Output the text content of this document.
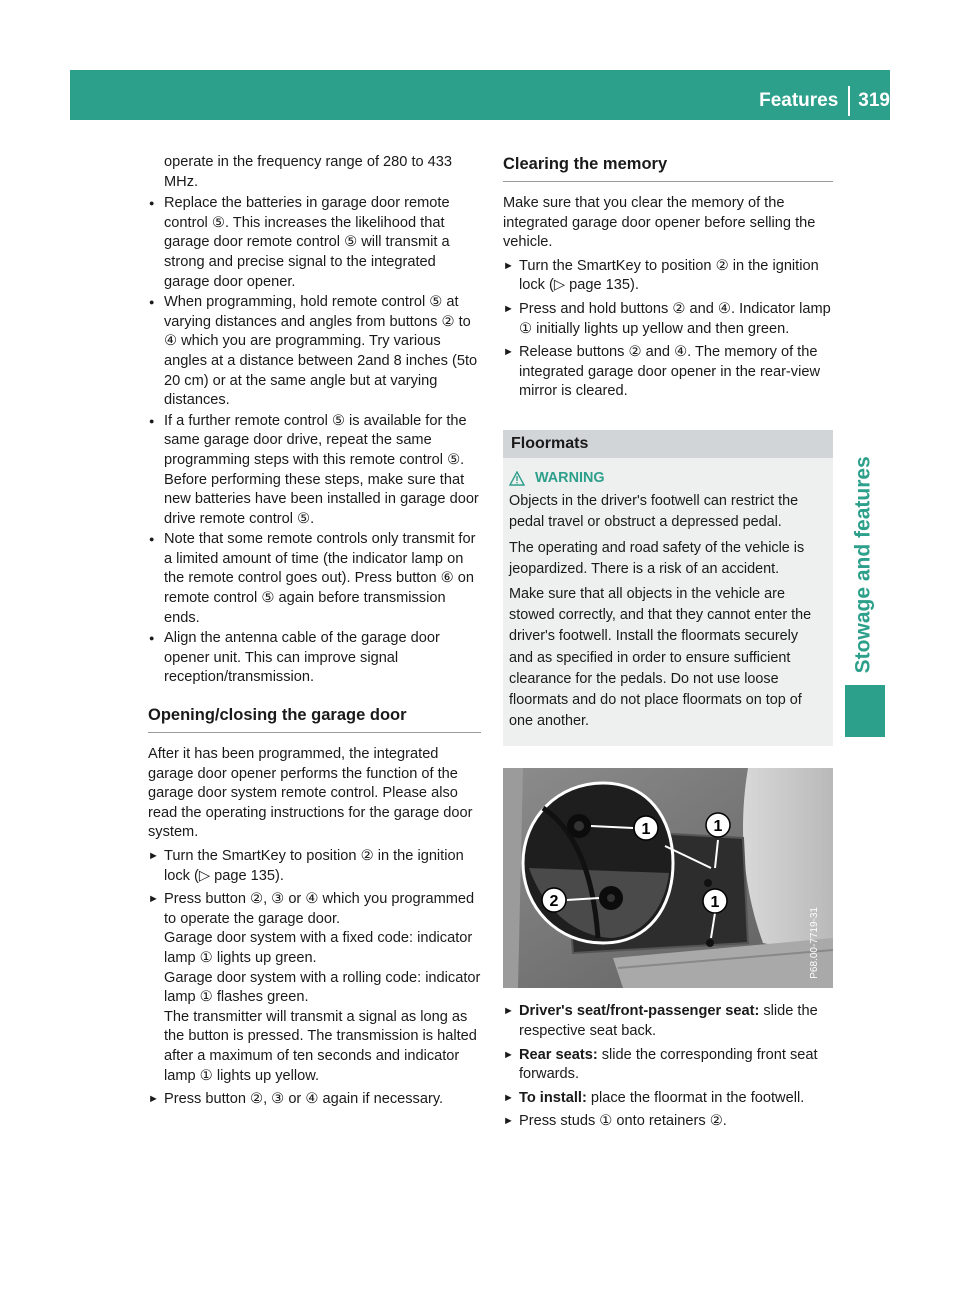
Features 319
Stowage and features
operate in the frequency range of 280 to 433 MHz.
● Replace the batteries in garage door remote control ⑤. This increases the likelihood that garage door remote control ⑤ will transmit a strong and precise signal to the integrated garage door opener.
● When programming, hold remote control ⑤ at varying distances and angles from buttons ② to ④ which you are programming. Try various angles at a distance between 2and 8 inches (5to 20 cm) or at the same angle but at varying distances.
● If a further remote control ⑤ is available for the same garage door drive, repeat the same programming steps with this remote control ⑤. Before performing these steps, make sure that new batteries have been installed in garage door drive remote control ⑤.
● Note that some remote controls only transmit for a limited amount of time (the indicator lamp on the remote control goes out). Press button ⑥ on remote control ⑤ again before transmission ends.
● Align the antenna cable of the garage door opener unit. This can improve signal reception/transmission.
Opening/closing the garage door
After it has been programmed, the integrated garage door opener performs the function of the garage door system remote control. Please also read the operating instructions for the garage door system.
► Turn the SmartKey to position ② in the ignition lock (▷ page 135).
► Press button ②, ③ or ④ which you programmed to operate the garage door.
Garage door system with a fixed code: indicator lamp ① lights up green.
Garage door system with a rolling code: indicator lamp ① flashes green.
The transmitter will transmit a signal as long as the button is pressed. The transmission is halted after a maximum of ten seconds and indicator lamp ① lights up yellow.
► Press button ②, ③ or ④ again if necessary.
Clearing the memory
Make sure that you clear the memory of the integrated garage door opener before selling the vehicle.
► Turn the SmartKey to position ② in the ignition lock (▷ page 135).
► Press and hold buttons ② and ④. Indicator lamp ① initially lights up yellow and then green.
► Release buttons ② and ④. The memory of the integrated garage door opener in the rear-view mirror is cleared.
Floormats
WARNING

Objects in the driver's footwell can restrict the pedal travel or obstruct a depressed pedal.

The operating and road safety of the vehicle is jeopardized. There is a risk of an accident.

Make sure that all objects in the vehicle are stowed correctly, and that they cannot enter the driver's footwell. Install the floormats securely and as specified in order to ensure sufficient clearance for the pedals. Do not use loose floormats and do not place floormats on top of one another.

1	1
1
2
P68.00-7719-31
► Driver's seat/front-passenger seat: slide the respective seat back.
► Rear seats: slide the corresponding front seat forwards.
► To install: place the floormat in the footwell.
► Press studs ① onto retainers ②.
